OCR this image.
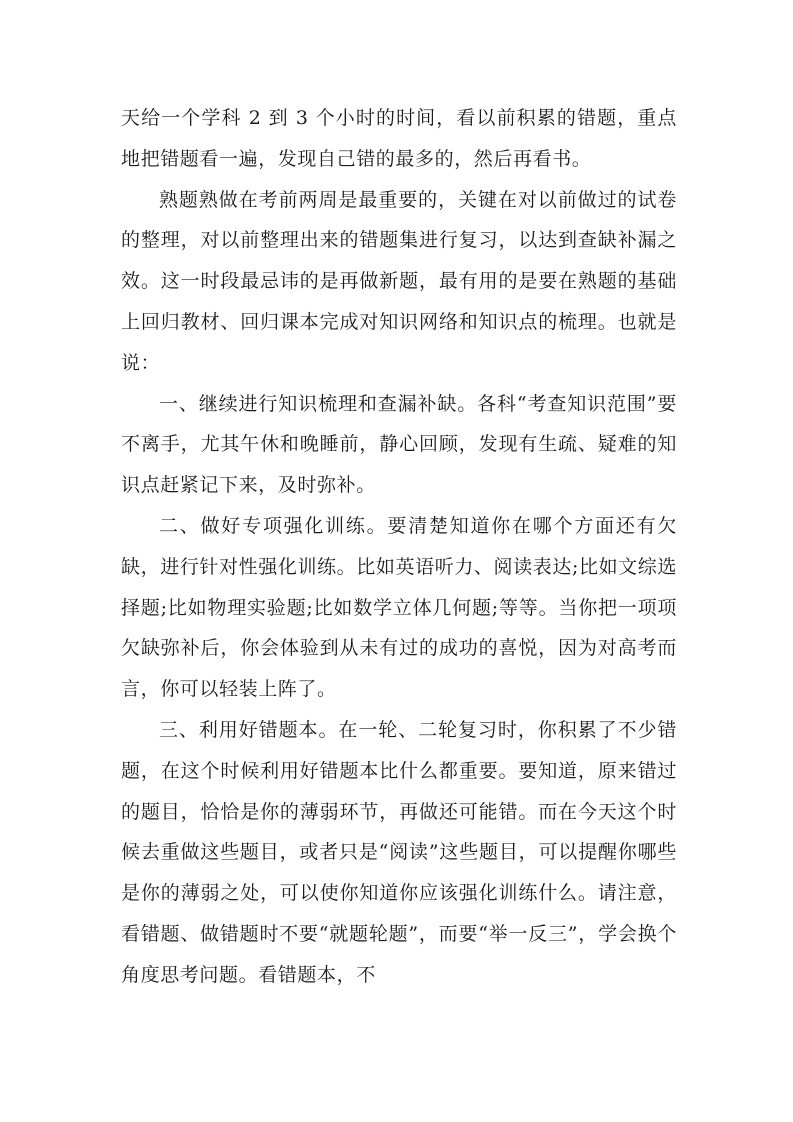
天给一个学科 2 到 3 个小时的时间，看以前积累的错题，重点地把错题看一遍，发现自己错的最多的，然后再看书。

熟题熟做在考前两周是最重要的，关键在对以前做过的试卷的整理，对以前整理出来的错题集进行复习，以达到查缺补漏之效。这一时段最忌讳的是再做新题，最有用的是要在熟题的基础上回归教材、回归课本完成对知识网络和知识点的梳理。也就是说：

一、继续进行知识梳理和查漏补缺。各科“考查知识范围”要不离手，尤其午休和晚睡前，静心回顾，发现有生疏、疑难的知识点赶紧记下来，及时弥补。

二、做好专项强化训练。要清楚知道你在哪个方面还有欠缺，进行针对性强化训练。比如英语听力、阅读表达;比如文综选择题;比如物理实验题;比如数学立体几何题;等等。当你把一项项欠缺弥补后，你会体验到从未有过的成功的喜悦，因为对高考而言，你可以轻装上阵了。

三、利用好错题本。在一轮、二轮复习时，你积累了不少错题，在这个时候利用好错题本比什么都重要。要知道，原来错过的题目，恰恰是你的薄弱环节，再做还可能错。而在今天这个时候去重做这些题目，或者只是“阅读”这些题目，可以提醒你哪些是你的薄弱之处，可以使你知道你应该强化训练什么。请注意，看错题、做错题时不要“就题轮题”，而要“举一反三”，学会换个角度思考问题。看错题本，不
